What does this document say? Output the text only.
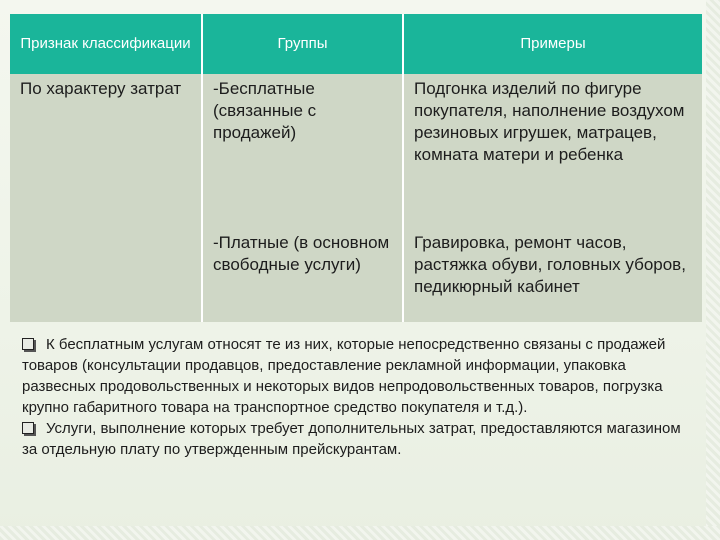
Признак классификации	Группы	Примеры
По характеру затрат	-Бесплатные (связанные с продажей)	Подгонка изделий по фигуре покупателя, наполнение воздухом резиновых игрушек, матрацев, комната матери и ребенка
	-Платные (в основном свободные услуги)	Гравировка, ремонт часов, растяжка обуви, головных уборов, педикюрный кабинет

К бесплатным услугам относят те из них, которые непосредственно связаны с продажей товаров (консультации продавцов, предоставление рекламной информации, упаковка развесных продовольственных и некоторых видов непродовольственных товаров, погрузка крупно габаритного товара на транспортное средство покупателя и т.д.).

Услуги, выполнение которых требует дополнительных затрат, предоставляются магазином за отдельную плату по утвержденным прейскурантам.
